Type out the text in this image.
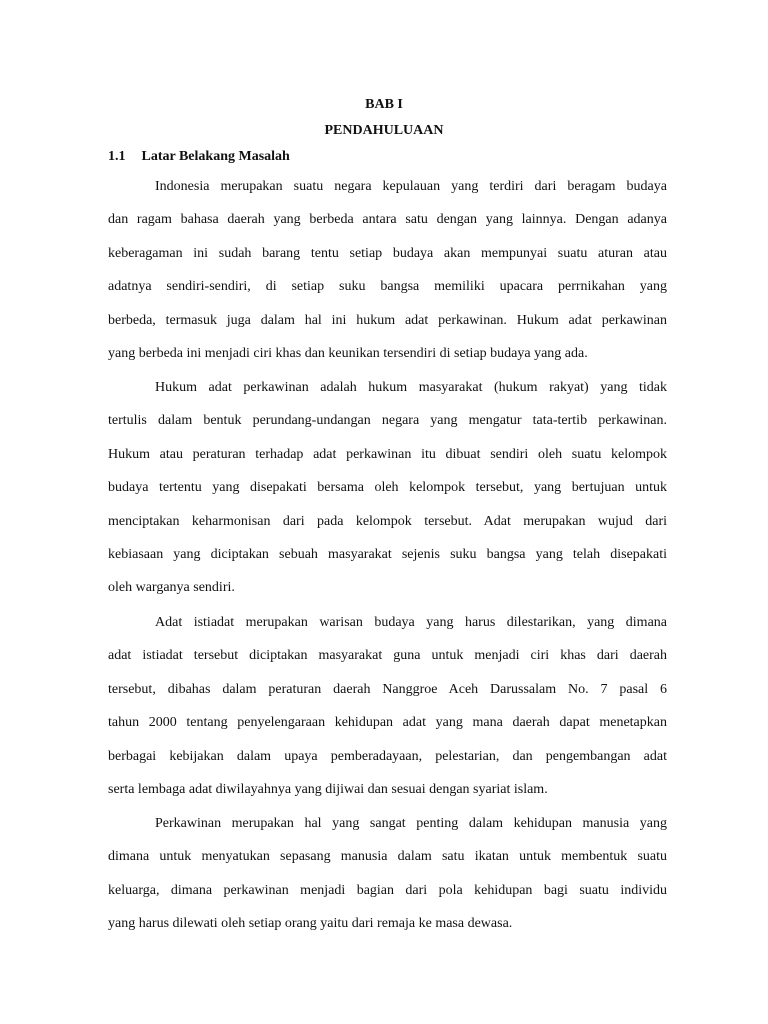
BAB I
PENDAHULUAAN
1.1 Latar Belakang Masalah
Indonesia merupakan suatu negara kepulauan yang terdiri dari beragam budaya
dan ragam bahasa daerah yang berbeda antara satu dengan yang lainnya. Dengan adanya
keberagaman ini sudah barang tentu setiap budaya akan mempunyai suatu aturan atau
adatnya sendiri-sendiri, di setiap suku bangsa memiliki upacara perrnikahan yang
berbeda, termasuk juga dalam hal ini hukum adat perkawinan. Hukum adat perkawinan
yang berbeda ini menjadi ciri khas dan keunikan tersendiri di setiap budaya yang ada.
Hukum adat perkawinan adalah hukum masyarakat (hukum rakyat) yang tidak
tertulis dalam bentuk perundang-undangan negara yang mengatur tata-tertib perkawinan.
Hukum atau peraturan terhadap adat perkawinan itu dibuat sendiri oleh suatu kelompok
budaya tertentu yang disepakati bersama oleh kelompok tersebut, yang bertujuan untuk
menciptakan keharmonisan dari pada kelompok tersebut. Adat merupakan wujud dari
kebiasaan yang diciptakan sebuah masyarakat sejenis suku bangsa yang telah disepakati
oleh warganya sendiri.
Adat istiadat merupakan warisan budaya yang harus dilestarikan, yang dimana
adat istiadat tersebut diciptakan masyarakat guna untuk menjadi ciri khas dari daerah
tersebut, dibahas dalam peraturan daerah Nanggroe Aceh Darussalam No. 7 pasal 6
tahun 2000 tentang penyelengaraan kehidupan adat yang mana daerah dapat menetapkan
berbagai kebijakan dalam upaya pemberadayaan, pelestarian, dan pengembangan adat
serta lembaga adat diwilayahnya yang dijiwai dan sesuai dengan syariat islam.
Perkawinan merupakan hal yang sangat penting dalam kehidupan manusia yang
dimana untuk menyatukan sepasang manusia dalam satu ikatan untuk membentuk suatu
keluarga, dimana perkawinan menjadi bagian dari pola kehidupan bagi suatu individu
yang harus dilewati oleh setiap orang yaitu dari remaja ke masa dewasa.
